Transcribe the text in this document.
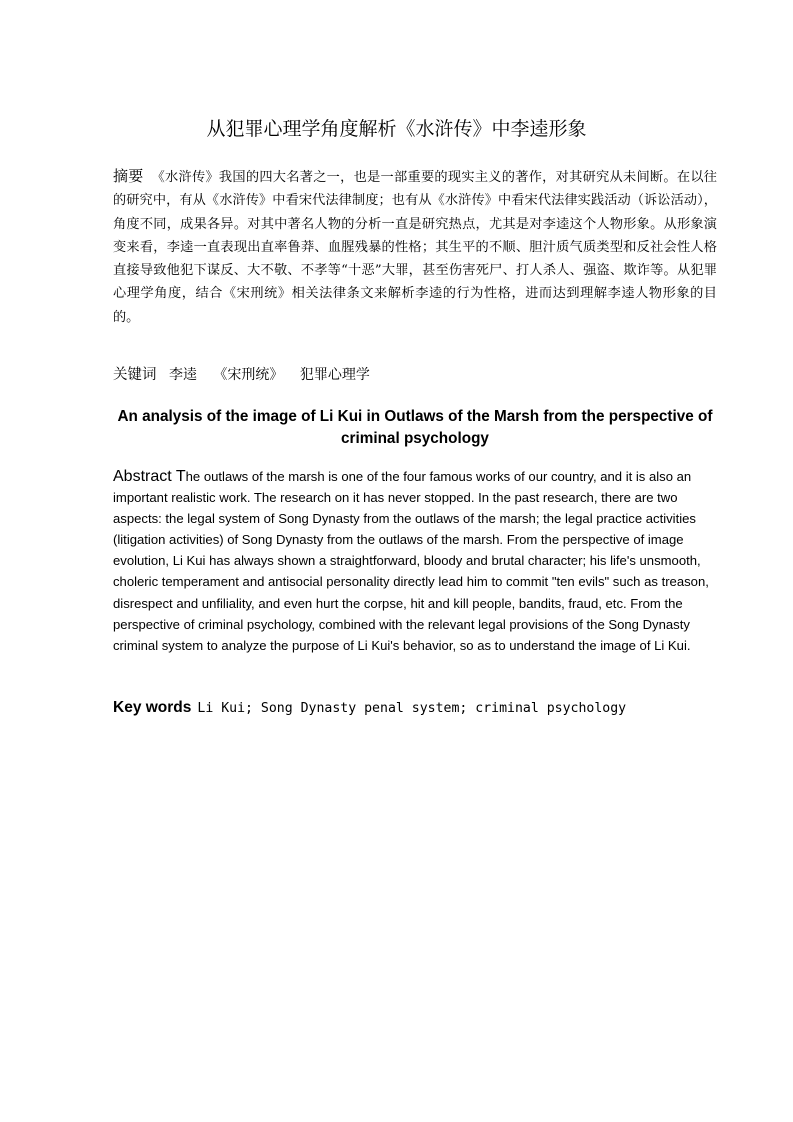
从犯罪心理学角度解析《水浒传》中李逵形象
摘要 《水浒传》我国的四大名著之一，也是一部重要的现实主义的著作，对其研究从未间断。在以往的研究中，有从《水浒传》中看宋代法律制度；也有从《水浒传》中看宋代法律实践活动（诉讼活动），角度不同，成果各异。对其中著名人物的分析一直是研究热点，尤其是对李逵这个人物形象。从形象演变来看，李逵一直表现出直率鲁莽、血腥残暴的性格；其生平的不顺、胆汁质气质类型和反社会性人格直接导致他犯下谋反、大不敬、不孝等“十恶”大罪，甚至伤害死尸、打人杀人、强盗、欺诈等。从犯罪心理学角度，结合《宋刑统》相关法律条文来解析李逵的行为性格，进而达到理解李逵人物形象的目的。
关键词 李逵 《宋刑统》 犯罪心理学
An analysis of the image of Li Kui in Outlaws of the Marsh from the perspective of criminal psychology
Abstract The outlaws of the marsh is one of the four famous works of our country, and it is also an important realistic work. The research on it has never stopped. In the past research, there are two aspects: the legal system of Song Dynasty from the outlaws of the marsh; the legal practice activities (litigation activities) of Song Dynasty from the outlaws of the marsh. From the perspective of image evolution, Li Kui has always shown a straightforward, bloody and brutal character; his life's unsmooth, choleric temperament and antisocial personality directly lead him to commit "ten evils" such as treason, disrespect and unfiliality, and even hurt the corpse, hit and kill people, bandits, fraud, etc. From the perspective of criminal psychology, combined with the relevant legal provisions of the Song Dynasty criminal system to analyze the purpose of Li Kui's behavior, so as to understand the image of Li Kui.
Key words Li Kui; Song Dynasty penal system; criminal psychology
